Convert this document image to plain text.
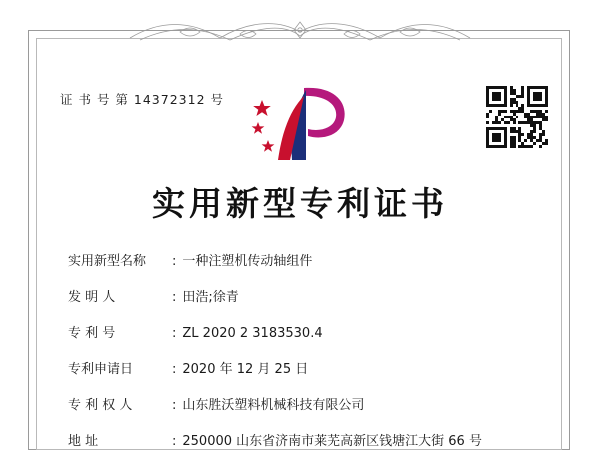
证 书 号 第 14372312 号
实用新型专利证书
实用新型名称	: 一种注塑机传动轴组件
发 明 人	: 田浩;徐青
专 利 号	: ZL 2020 2 3183530.4
专利申请日	: 2020 年 12 月 25 日
专 利 权 人	: 山东胜沃塑料机械科技有限公司
地 址	: 250000 山东省济南市莱芜高新区钱塘江大街 66 号
